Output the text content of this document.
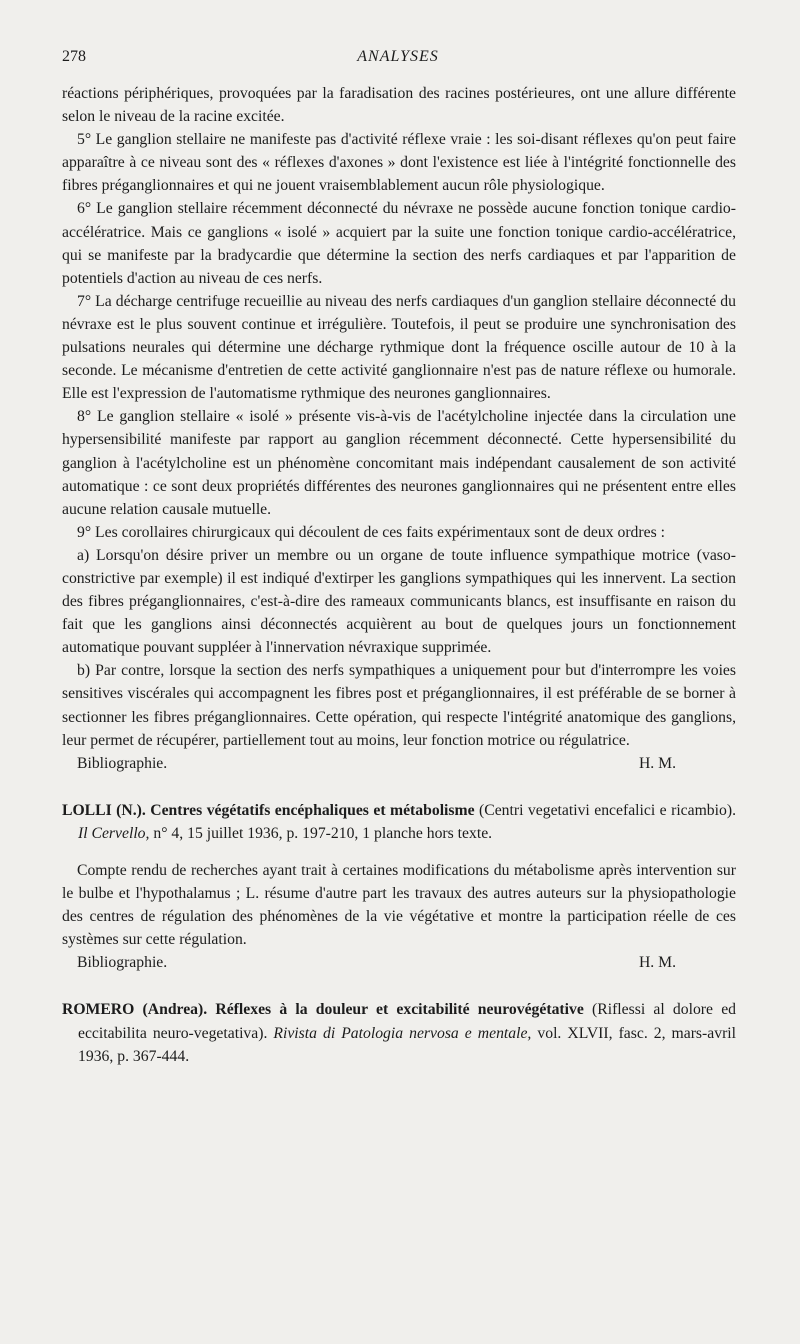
278	ANALYSES

réactions périphériques, provoquées par la faradisation des racines postérieures, ont une allure différente selon le niveau de la racine excitée.

5° Le ganglion stellaire ne manifeste pas d'activité réflexe vraie : les soi-disant réflexes qu'on peut faire apparaître à ce niveau sont des « réflexes d'axones » dont l'existence est liée à l'intégrité fonctionnelle des fibres préganglionnaires et qui ne jouent vraisemblablement aucun rôle physiologique.

6° Le ganglion stellaire récemment déconnecté du névraxe ne possède aucune fonction tonique cardio-accélératrice. Mais ce ganglions « isolé » acquiert par la suite une fonction tonique cardio-accélératrice, qui se manifeste par la bradycardie que détermine la section des nerfs cardiaques et par l'apparition de potentiels d'action au niveau de ces nerfs.

7° La décharge centrifuge recueillie au niveau des nerfs cardiaques d'un ganglion stellaire déconnecté du névraxe est le plus souvent continue et irrégulière. Toutefois, il peut se produire une synchronisation des pulsations neurales qui détermine une décharge rythmique dont la fréquence oscille autour de 10 à la seconde. Le mécanisme d'entretien de cette activité ganglionnaire n'est pas de nature réflexe ou humorale. Elle est l'expression de l'automatisme rythmique des neurones ganglionnaires.

8° Le ganglion stellaire « isolé » présente vis-à-vis de l'acétylcholine injectée dans la circulation une hypersensibilité manifeste par rapport au ganglion récemment déconnecté. Cette hypersensibilité du ganglion à l'acétylcholine est un phénomène concomitant mais indépendant causalement de son activité automatique : ce sont deux propriétés différentes des neurones ganglionnaires qui ne présentent entre elles aucune relation causale mutuelle.

9° Les corollaires chirurgicaux qui découlent de ces faits expérimentaux sont de deux ordres :

a) Lorsqu'on désire priver un membre ou un organe de toute influence sympathique motrice (vaso-constrictive par exemple) il est indiqué d'extirper les ganglions sympathiques qui les innervent. La section des fibres préganglionnaires, c'est-à-dire des rameaux communicants blancs, est insuffisante en raison du fait que les ganglions ainsi déconnectés acquièrent au bout de quelques jours un fonctionnement automatique pouvant suppléer à l'innervation névraxique supprimée.

b) Par contre, lorsque la section des nerfs sympathiques a uniquement pour but d'interrompre les voies sensitives viscérales qui accompagnent les fibres post et préganglionnaires, il est préférable de se borner à sectionner les fibres préganglionnaires. Cette opération, qui respecte l'intégrité anatomique des ganglions, leur permet de récupérer, partiellement tout au moins, leur fonction motrice ou régulatrice.

Bibliographie.	H. M.

LOLLI (N.). Centres végétatifs encéphaliques et métabolisme (Centri vegetativi encefalici e ricambio). Il Cervello, n° 4, 15 juillet 1936, p. 197-210, 1 planche hors texte.

Compte rendu de recherches ayant trait à certaines modifications du métabolisme après intervention sur le bulbe et l'hypothalamus ; L. résume d'autre part les travaux des autres auteurs sur la physiopathologie des centres de régulation des phénomènes de la vie végétative et montre la participation réelle de ces systèmes sur cette régulation.

Bibliographie.	H. M.

ROMERO (Andrea). Réflexes à la douleur et excitabilité neurovégétative (Riflessi al dolore ed eccitabilita neuro-vegetativa). Rivista di Patologia nervosa e mentale, vol. XLVII, fasc. 2, mars-avril 1936, p. 367-444.
